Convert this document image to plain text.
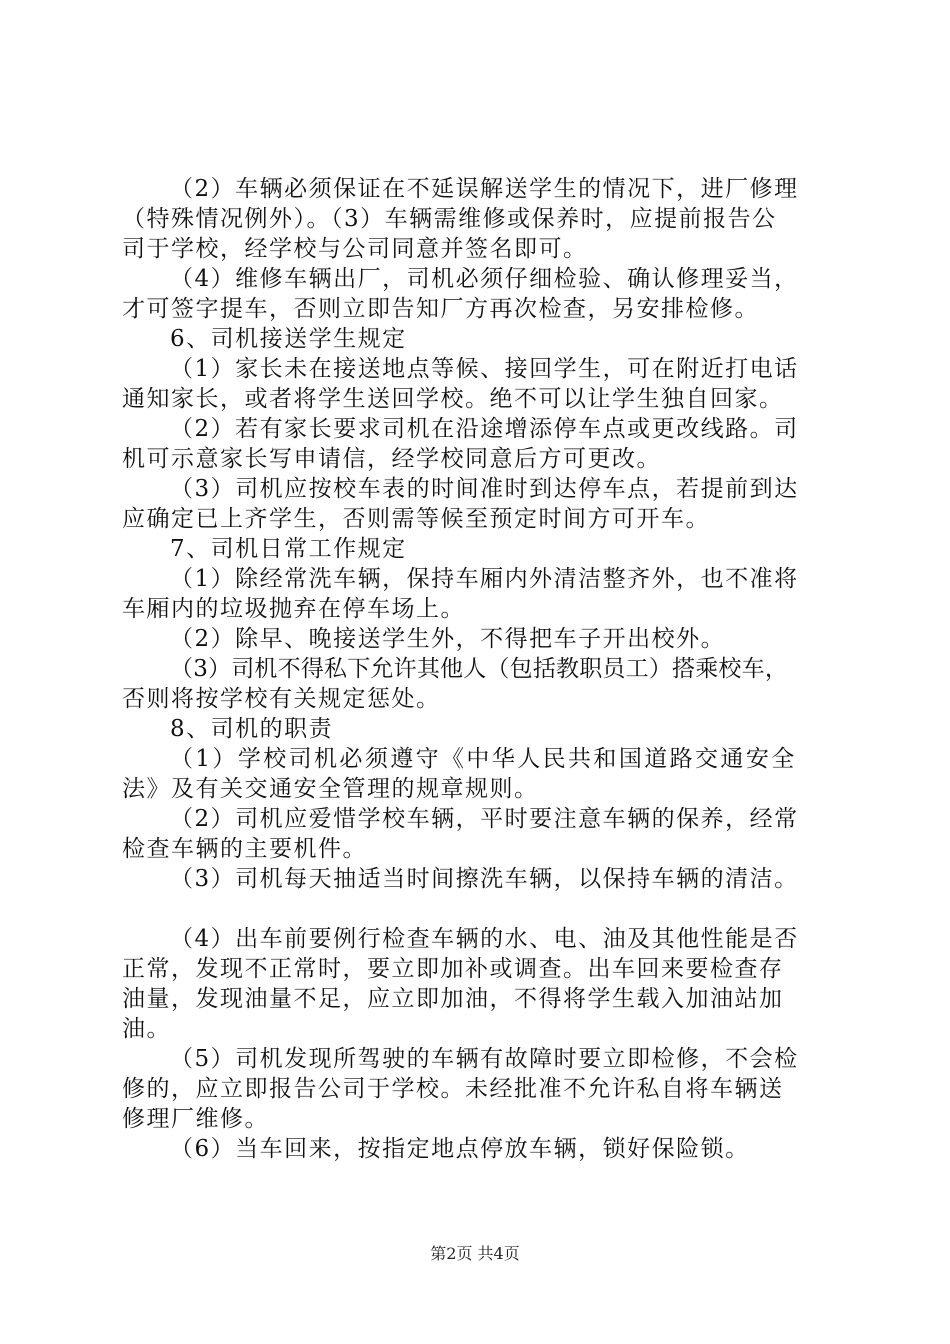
（2）车辆必须保证在不延误解送学生的情况下，进厂修理
（特殊情况例外）。（3）车辆需维修或保养时，应提前报告公
司于学校，经学校与公司同意并签名即可。
（4）维修车辆出厂，司机必须仔细检验、确认修理妥当，
才可签字提车，否则立即告知厂方再次检查，另安排检修。
6、司机接送学生规定
（1）家长未在接送地点等候、接回学生，可在附近打电话
通知家长，或者将学生送回学校。绝不可以让学生独自回家。
（2）若有家长要求司机在沿途增添停车点或更改线路。司
机可示意家长写申请信，经学校同意后方可更改。
（3）司机应按校车表的时间准时到达停车点，若提前到达
应确定已上齐学生，否则需等候至预定时间方可开车。
7、司机日常工作规定
（1）除经常洗车辆，保持车厢内外清洁整齐外，也不准将
车厢内的垃圾抛弃在停车场上。
（2）除早、晚接送学生外，不得把车子开出校外。
（3）司机不得私下允许其他人（包括教职员工）搭乘校车，
否则将按学校有关规定惩处。
8、司机的职责
（1）学校司机必须遵守《中华人民共和国道路交通安全
法》及有关交通安全管理的规章规则。
（2）司机应爱惜学校车辆，平时要注意车辆的保养，经常
检查车辆的主要机件。
（3）司机每天抽适当时间擦洗车辆，以保持车辆的清洁。
（4）出车前要例行检查车辆的水、电、油及其他性能是否
正常，发现不正常时，要立即加补或调查。出车回来要检查存
油量，发现油量不足，应立即加油，不得将学生载入加油站加
油。
（5）司机发现所驾驶的车辆有故障时要立即检修，不会检
修的，应立即报告公司于学校。未经批准不允许私自将车辆送
修理厂维修。
（6）当车回来，按指定地点停放车辆，锁好保险锁。
第2页 共4页
